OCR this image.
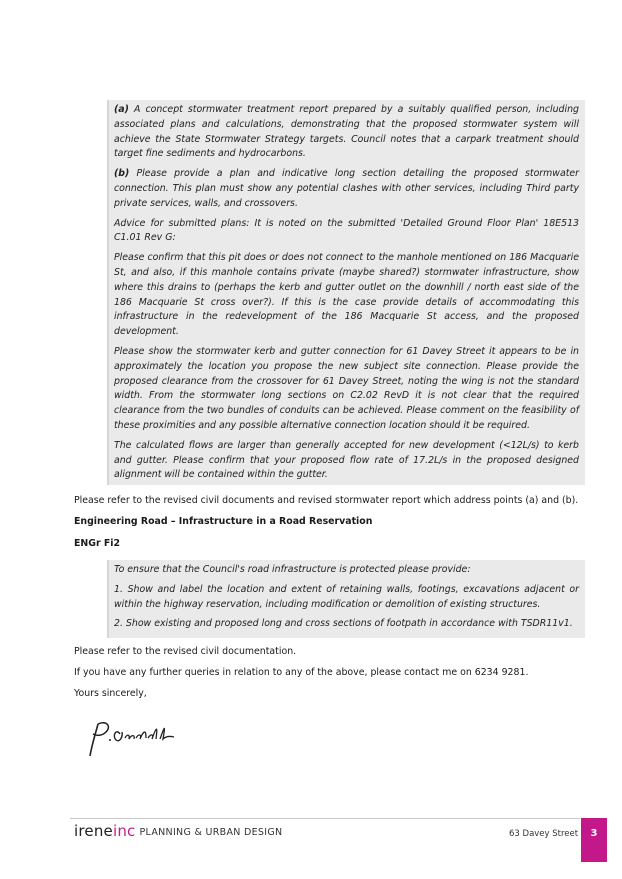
(a) A concept stormwater treatment report prepared by a suitably qualified person, including associated plans and calculations, demonstrating that the proposed stormwater system will achieve the State Stormwater Strategy targets. Council notes that a carpark treatment should target fine sediments and hydrocarbons.

(b) Please provide a plan and indicative long section detailing the proposed stormwater connection. This plan must show any potential clashes with other services, including Third party private services, walls, and crossovers.

Advice for submitted plans: It is noted on the submitted 'Detailed Ground Floor Plan' 18E513 C1.01 Rev G:

Please confirm that this pit does or does not connect to the manhole mentioned on 186 Macquarie St, and also, if this manhole contains private (maybe shared?) stormwater infrastructure, show where this drains to (perhaps the kerb and gutter outlet on the downhill / north east side of the 186 Macquarie St cross over?). If this is the case provide details of accommodating this infrastructure in the redevelopment of the 186 Macquarie St access, and the proposed development.

Please show the stormwater kerb and gutter connection for 61 Davey Street it appears to be in approximately the location you propose the new subject site connection. Please provide the proposed clearance from the crossover for 61 Davey Street, noting the wing is not the standard width. From the stormwater long sections on C2.02 RevD it is not clear that the required clearance from the two bundles of conduits can be achieved. Please comment on the feasibility of these proximities and any possible alternative connection location should it be required.

The calculated flows are larger than generally accepted for new development (<12L/s) to kerb and gutter. Please confirm that your proposed flow rate of 17.2L/s in the proposed designed alignment will be contained within the gutter.

Please refer to the revised civil documents and revised stormwater report which address points (a) and (b).
Engineering Road – Infrastructure in a Road Reservation
ENGr Fi2

To ensure that the Council's road infrastructure is protected please provide:

1. Show and label the location and extent of retaining walls, footings, excavations adjacent or within the highway reservation, including modification or demolition of existing structures.

2. Show existing and proposed long and cross sections of footpath in accordance with TSDR11v1.

Please refer to the revised civil documentation.
If you have any further queries in relation to any of the above, please contact me on 6234 9281.
Yours sincerely,
ireneinc PLANNING & URBAN DESIGN	63 Davey Street	3
